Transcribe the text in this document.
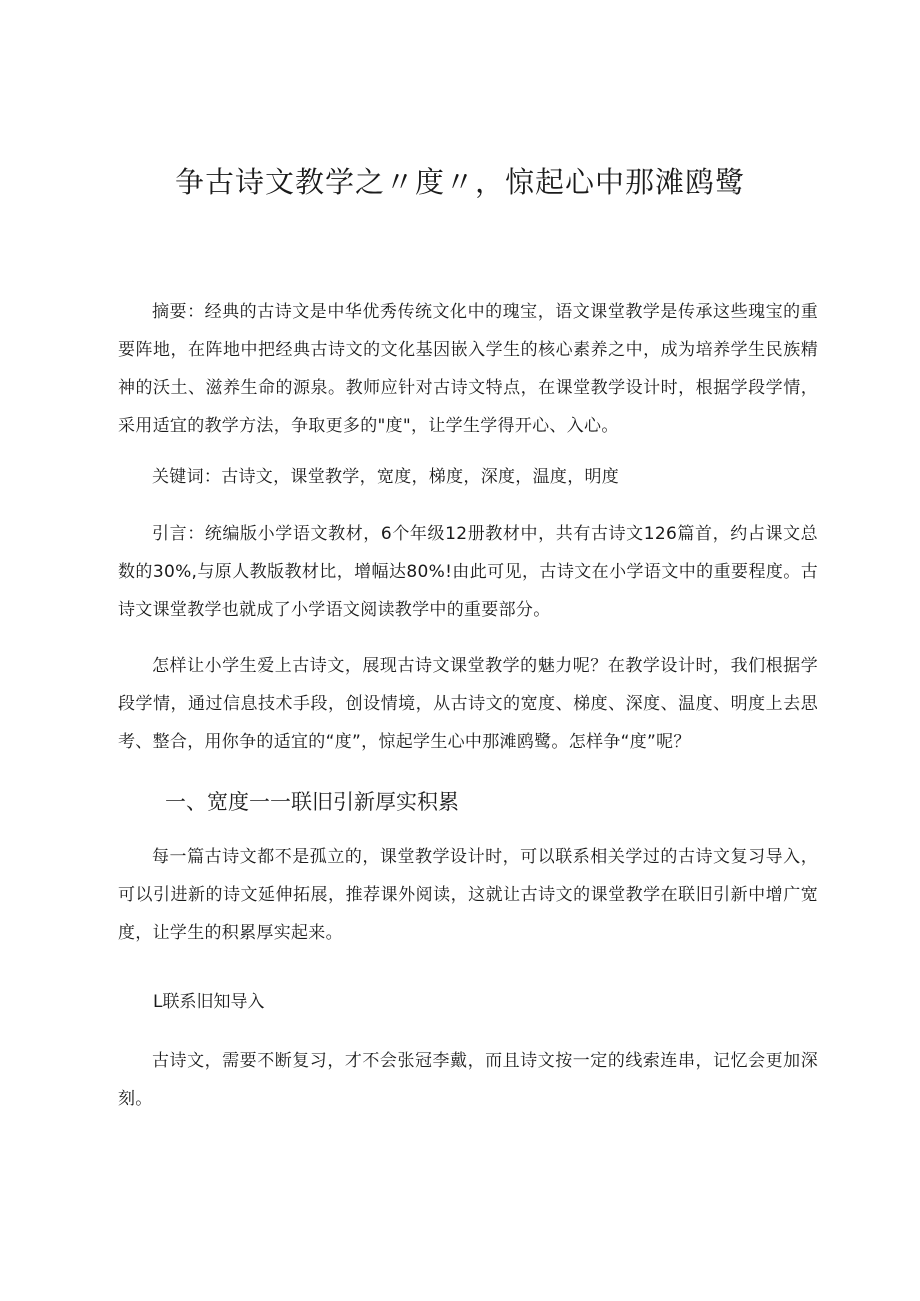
争古诗文教学之〃度〃，惊起心中那滩鸥鹭

摘要：经典的古诗文是中华优秀传统文化中的瑰宝，语文课堂教学是传承这些瑰宝的重要阵地，在阵地中把经典古诗文的文化基因嵌入学生的核心素养之中，成为培养学生民族精神的沃土、滋养生命的源泉。教师应针对古诗文特点，在课堂教学设计时，根据学段学情，采用适宜的教学方法，争取更多的"度"，让学生学得开心、入心。

关键词：古诗文，课堂教学，宽度，梯度，深度，温度，明度

引言：统编版小学语文教材，6个年级12册教材中，共有古诗文126篇首，约占课文总数的30%,与原人教版教材比，增幅达80%!由此可见，古诗文在小学语文中的重要程度。古诗文课堂教学也就成了小学语文阅读教学中的重要部分。

怎样让小学生爱上古诗文，展现古诗文课堂教学的魅力呢？在教学设计时，我们根据学段学情，通过信息技术手段，创设情境，从古诗文的宽度、梯度、深度、温度、明度上去思考、整合，用你争的适宜的“度”，惊起学生心中那滩鸥鹭。怎样争“度”呢？

一、宽度一一联旧引新厚实积累

每一篇古诗文都不是孤立的，课堂教学设计时，可以联系相关学过的古诗文复习导入，可以引进新的诗文延伸拓展，推荐课外阅读，这就让古诗文的课堂教学在联旧引新中增广宽度，让学生的积累厚实起来。

L联系旧知导入

古诗文，需要不断复习，才不会张冠李戴，而且诗文按一定的线索连串，记忆会更加深刻。
